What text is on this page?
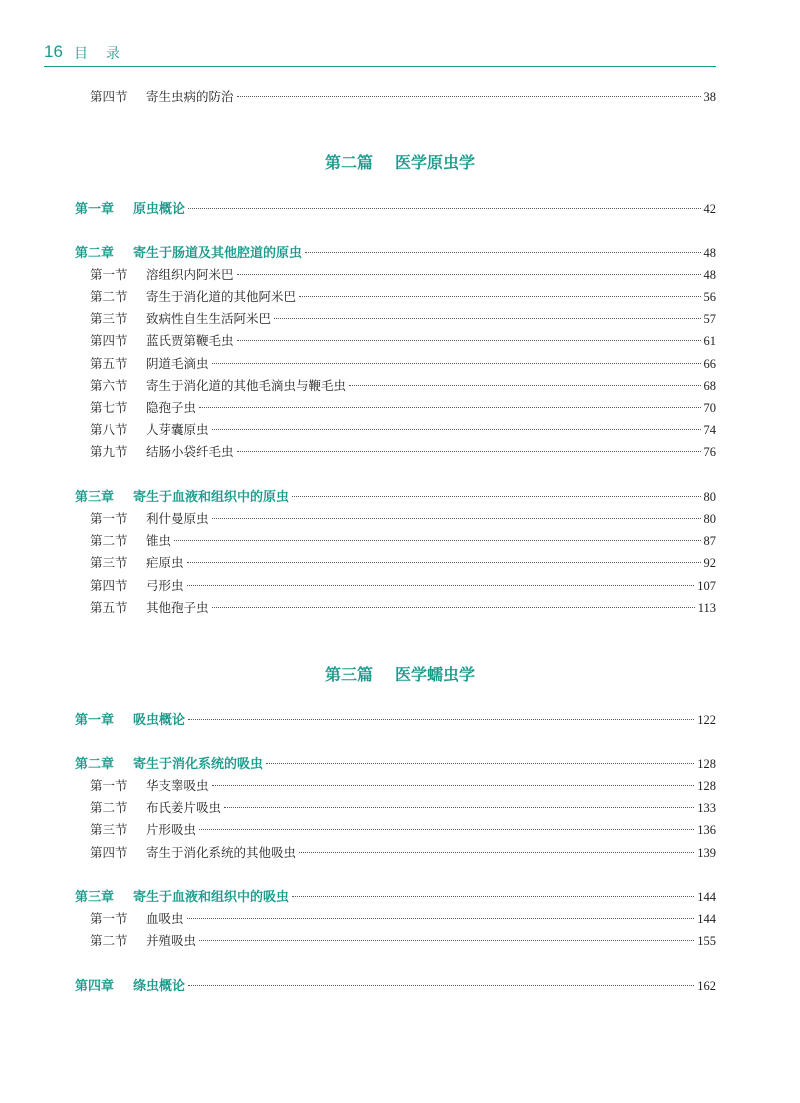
16 目录
第四节	寄生虫病的防治	38
第二篇 医学原虫学
第一章	原虫概论	42
第二章	寄生于肠道及其他腔道的原虫	48
第一节	溶组织内阿米巴	48
第二节	寄生于消化道的其他阿米巴	56
第三节	致病性自生生活阿米巴	57
第四节	蓝氏贾第鞭毛虫	61
第五节	阴道毛滴虫	66
第六节	寄生于消化道的其他毛滴虫与鞭毛虫	68
第七节	隐孢子虫	70
第八节	人芽囊原虫	74
第九节	结肠小袋纤毛虫	76
第三章	寄生于血液和组织中的原虫	80
第一节	利什曼原虫	80
第二节	锥虫	87
第三节	疟原虫	92
第四节	弓形虫	107
第五节	其他孢子虫	113
第三篇 医学蠕虫学
第一章	吸虫概论	122
第二章	寄生于消化系统的吸虫	128
第一节	华支睾吸虫	128
第二节	布氏姜片吸虫	133
第三节	片形吸虫	136
第四节	寄生于消化系统的其他吸虫	139
第三章	寄生于血液和组织中的吸虫	144
第一节	血吸虫	144
第二节	并殖吸虫	155
第四章	绦虫概论	162
